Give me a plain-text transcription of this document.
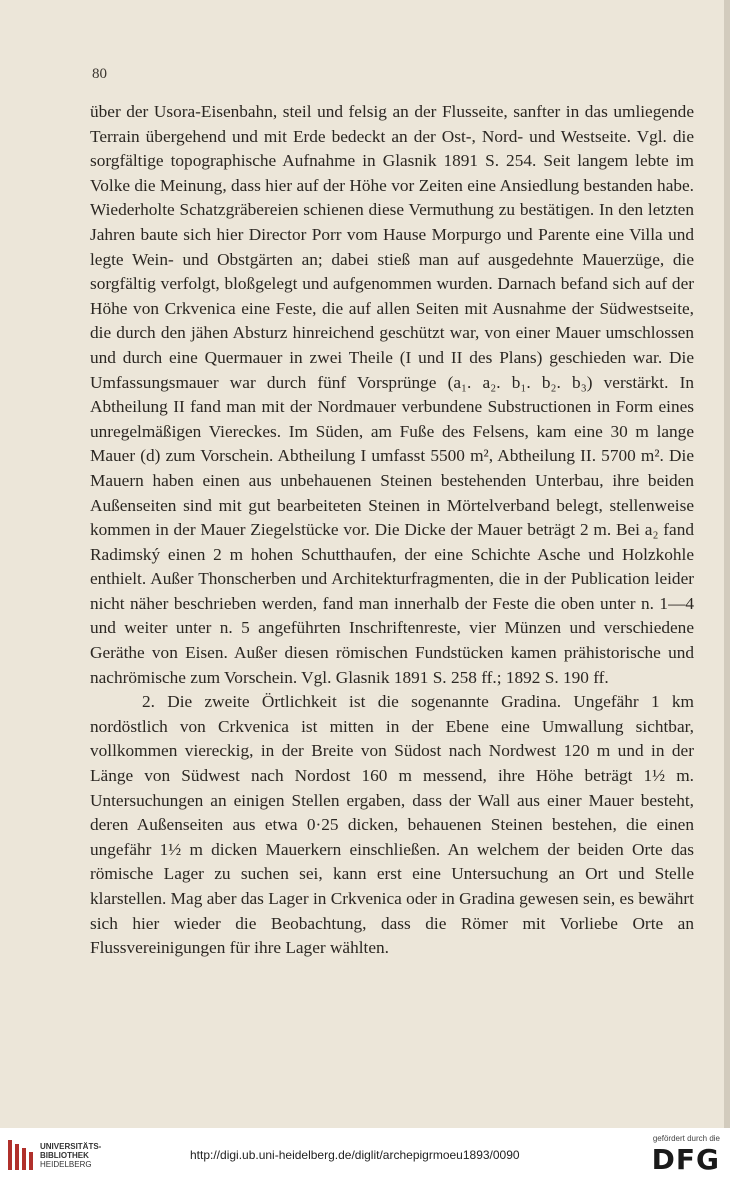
80

über der Usora-Eisenbahn, steil und felsig an der Flusseite, sanfter in das umliegende Terrain übergehend und mit Erde bedeckt an der Ost-, Nord- und Westseite. Vgl. die sorgfältige topographische Aufnahme in Glasnik 1891 S. 254. Seit langem lebte im Volke die Meinung, dass hier auf der Höhe vor Zeiten eine Ansiedlung bestanden habe. Wiederholte Schatzgräbereien schienen diese Vermuthung zu bestätigen. In den letzten Jahren baute sich hier Director Porr vom Hause Morpurgo und Parente eine Villa und legte Wein- und Obstgärten an; dabei stieß man auf ausgedehnte Mauerzüge, die sorgfältig verfolgt, bloßgelegt und aufgenommen wurden. Darnach befand sich auf der Höhe von Crkvenica eine Feste, die auf allen Seiten mit Ausnahme der Südwestseite, die durch den jähen Absturz hinreichend geschützt war, von einer Mauer umschlossen und durch eine Quermauer in zwei Theile (I und II des Plans) geschieden war. Die Umfassungsmauer war durch fünf Vorsprünge (a₁. a₂. b₁. b₂. b₃) verstärkt. In Abtheilung II fand man mit der Nordmauer verbundene Substructionen in Form eines unregelmäßigen Viereckes. Im Süden, am Fuße des Felsens, kam eine 30 m lange Mauer (d) zum Vorschein. Abtheilung I umfasst 5500 m², Abtheilung II. 5700 m². Die Mauern haben einen aus unbehauenen Steinen bestehenden Unterbau, ihre beiden Außenseiten sind mit gut bearbeiteten Steinen in Mörtelverband belegt, stellenweise kommen in der Mauer Ziegelstücke vor. Die Dicke der Mauer beträgt 2 m. Bei a₂ fand Radimský einen 2 m hohen Schutthaufen, der eine Schichte Asche und Holzkohle enthielt. Außer Thonscherben und Architekturfragmenten, die in der Publication leider nicht näher beschrieben werden, fand man innerhalb der Feste die oben unter n. 1—4 und weiter unter n. 5 angeführten Inschriftenreste, vier Münzen und verschiedene Geräthe von Eisen. Außer diesen römischen Fundstücken kamen prähistorische und nachrömische zum Vorschein. Vgl. Glasnik 1891 S. 258 ff.; 1892 S. 190 ff.

2. Die zweite Örtlichkeit ist die sogenannte Gradina. Ungefähr 1 km nordöstlich von Crkvenica ist mitten in der Ebene eine Umwallung sichtbar, vollkommen viereckig, in der Breite von Südost nach Nordwest 120 m und in der Länge von Südwest nach Nordost 160 m messend, ihre Höhe beträgt 1½ m. Untersuchungen an einigen Stellen ergaben, dass der Wall aus einer Mauer besteht, deren Außenseiten aus etwa 0·25 dicken, behauenen Steinen bestehen, die einen ungefähr 1½ m dicken Mauerkern einschließen. An welchem der beiden Orte das römische Lager zu suchen sei, kann erst eine Untersuchung an Ort und Stelle klarstellen. Mag aber das Lager in Crkvenica oder in Gradina gewesen sein, es bewährt sich hier wieder die Beobachtung, dass die Römer mit Vorliebe Orte an Flussvereinigungen für ihre Lager wählten.

UNIVERSITÄTS-
BIBLIOTHEK
HEIDELBERG
http://digi.ub.uni-heidelberg.de/diglit/archepigrmoeu1893/0090
gefördert durch die
DFG
